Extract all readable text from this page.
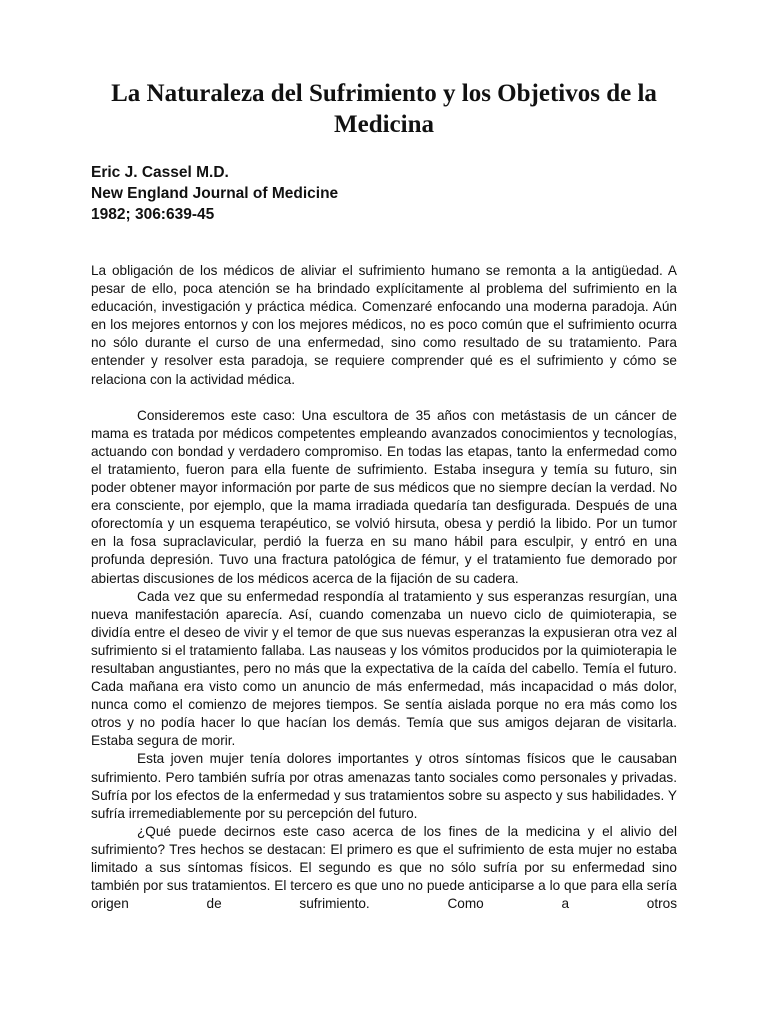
La Naturaleza del Sufrimiento y los Objetivos de la Medicina
Eric J. Cassel M.D.
New England Journal of Medicine
1982; 306:639-45

La obligación de los médicos de aliviar el sufrimiento humano se remonta a la antigüedad. A pesar de ello, poca atención se ha brindado explícitamente al problema del sufrimiento en la educación, investigación y práctica médica. Comenzaré enfocando una moderna paradoja. Aún en los mejores entornos y con los mejores médicos, no es poco común que el sufrimiento ocurra no sólo durante el curso de una enfermedad, sino como resultado de su tratamiento. Para entender y resolver esta paradoja, se requiere comprender qué es el sufrimiento y cómo se relaciona con la actividad médica.

Consideremos este caso: Una escultora de 35 años con metástasis de un cáncer de mama es tratada por médicos competentes empleando avanzados conocimientos y tecnologías, actuando con bondad y verdadero compromiso. En todas las etapas, tanto la enfermedad como el tratamiento, fueron para ella fuente de sufrimiento. Estaba insegura y temía su futuro, sin poder obtener mayor información por parte de sus médicos que no siempre decían la verdad. No era consciente, por ejemplo, que la mama irradiada quedaría tan desfigurada. Después de una oforectomía y un esquema terapéutico, se volvió hirsuta, obesa y perdió la libido. Por un tumor en la fosa supraclavicular, perdió la fuerza en su mano hábil para esculpir, y entró en una profunda depresión. Tuvo una fractura patológica de fémur, y el tratamiento fue demorado por abiertas discusiones de los médicos acerca de la fijación de su cadera.

Cada vez que su enfermedad respondía al tratamiento y sus esperanzas resurgían, una nueva manifestación aparecía. Así, cuando comenzaba un nuevo ciclo de quimioterapia, se dividía entre el deseo de vivir y el temor de que sus nuevas esperanzas la expusieran otra vez al sufrimiento si el tratamiento fallaba. Las nauseas y los vómitos producidos por la quimioterapia le resultaban angustiantes, pero no más que la expectativa de la caída del cabello. Temía el futuro. Cada mañana era visto como un anuncio de más enfermedad, más incapacidad o más dolor, nunca como el comienzo de mejores tiempos. Se sentía aislada porque no era más como los otros y no podía hacer lo que hacían los demás. Temía que sus amigos dejaran de visitarla. Estaba segura de morir.

Esta joven mujer tenía dolores importantes y otros síntomas físicos que le causaban sufrimiento. Pero también sufría por otras amenazas tanto sociales como personales y privadas. Sufría por los efectos de la enfermedad y sus tratamientos sobre su aspecto y sus habilidades. Y sufría irremediablemente por su percepción del futuro.

¿Qué puede decirnos este caso acerca de los fines de la medicina y el alivio del sufrimiento? Tres hechos se destacan: El primero es que el sufrimiento de esta mujer no estaba limitado a sus síntomas físicos. El segundo es que no sólo sufría por su enfermedad sino también por sus tratamientos. El tercero es que uno no puede anticiparse a lo que para ella sería origen de sufrimiento. Como a otros
